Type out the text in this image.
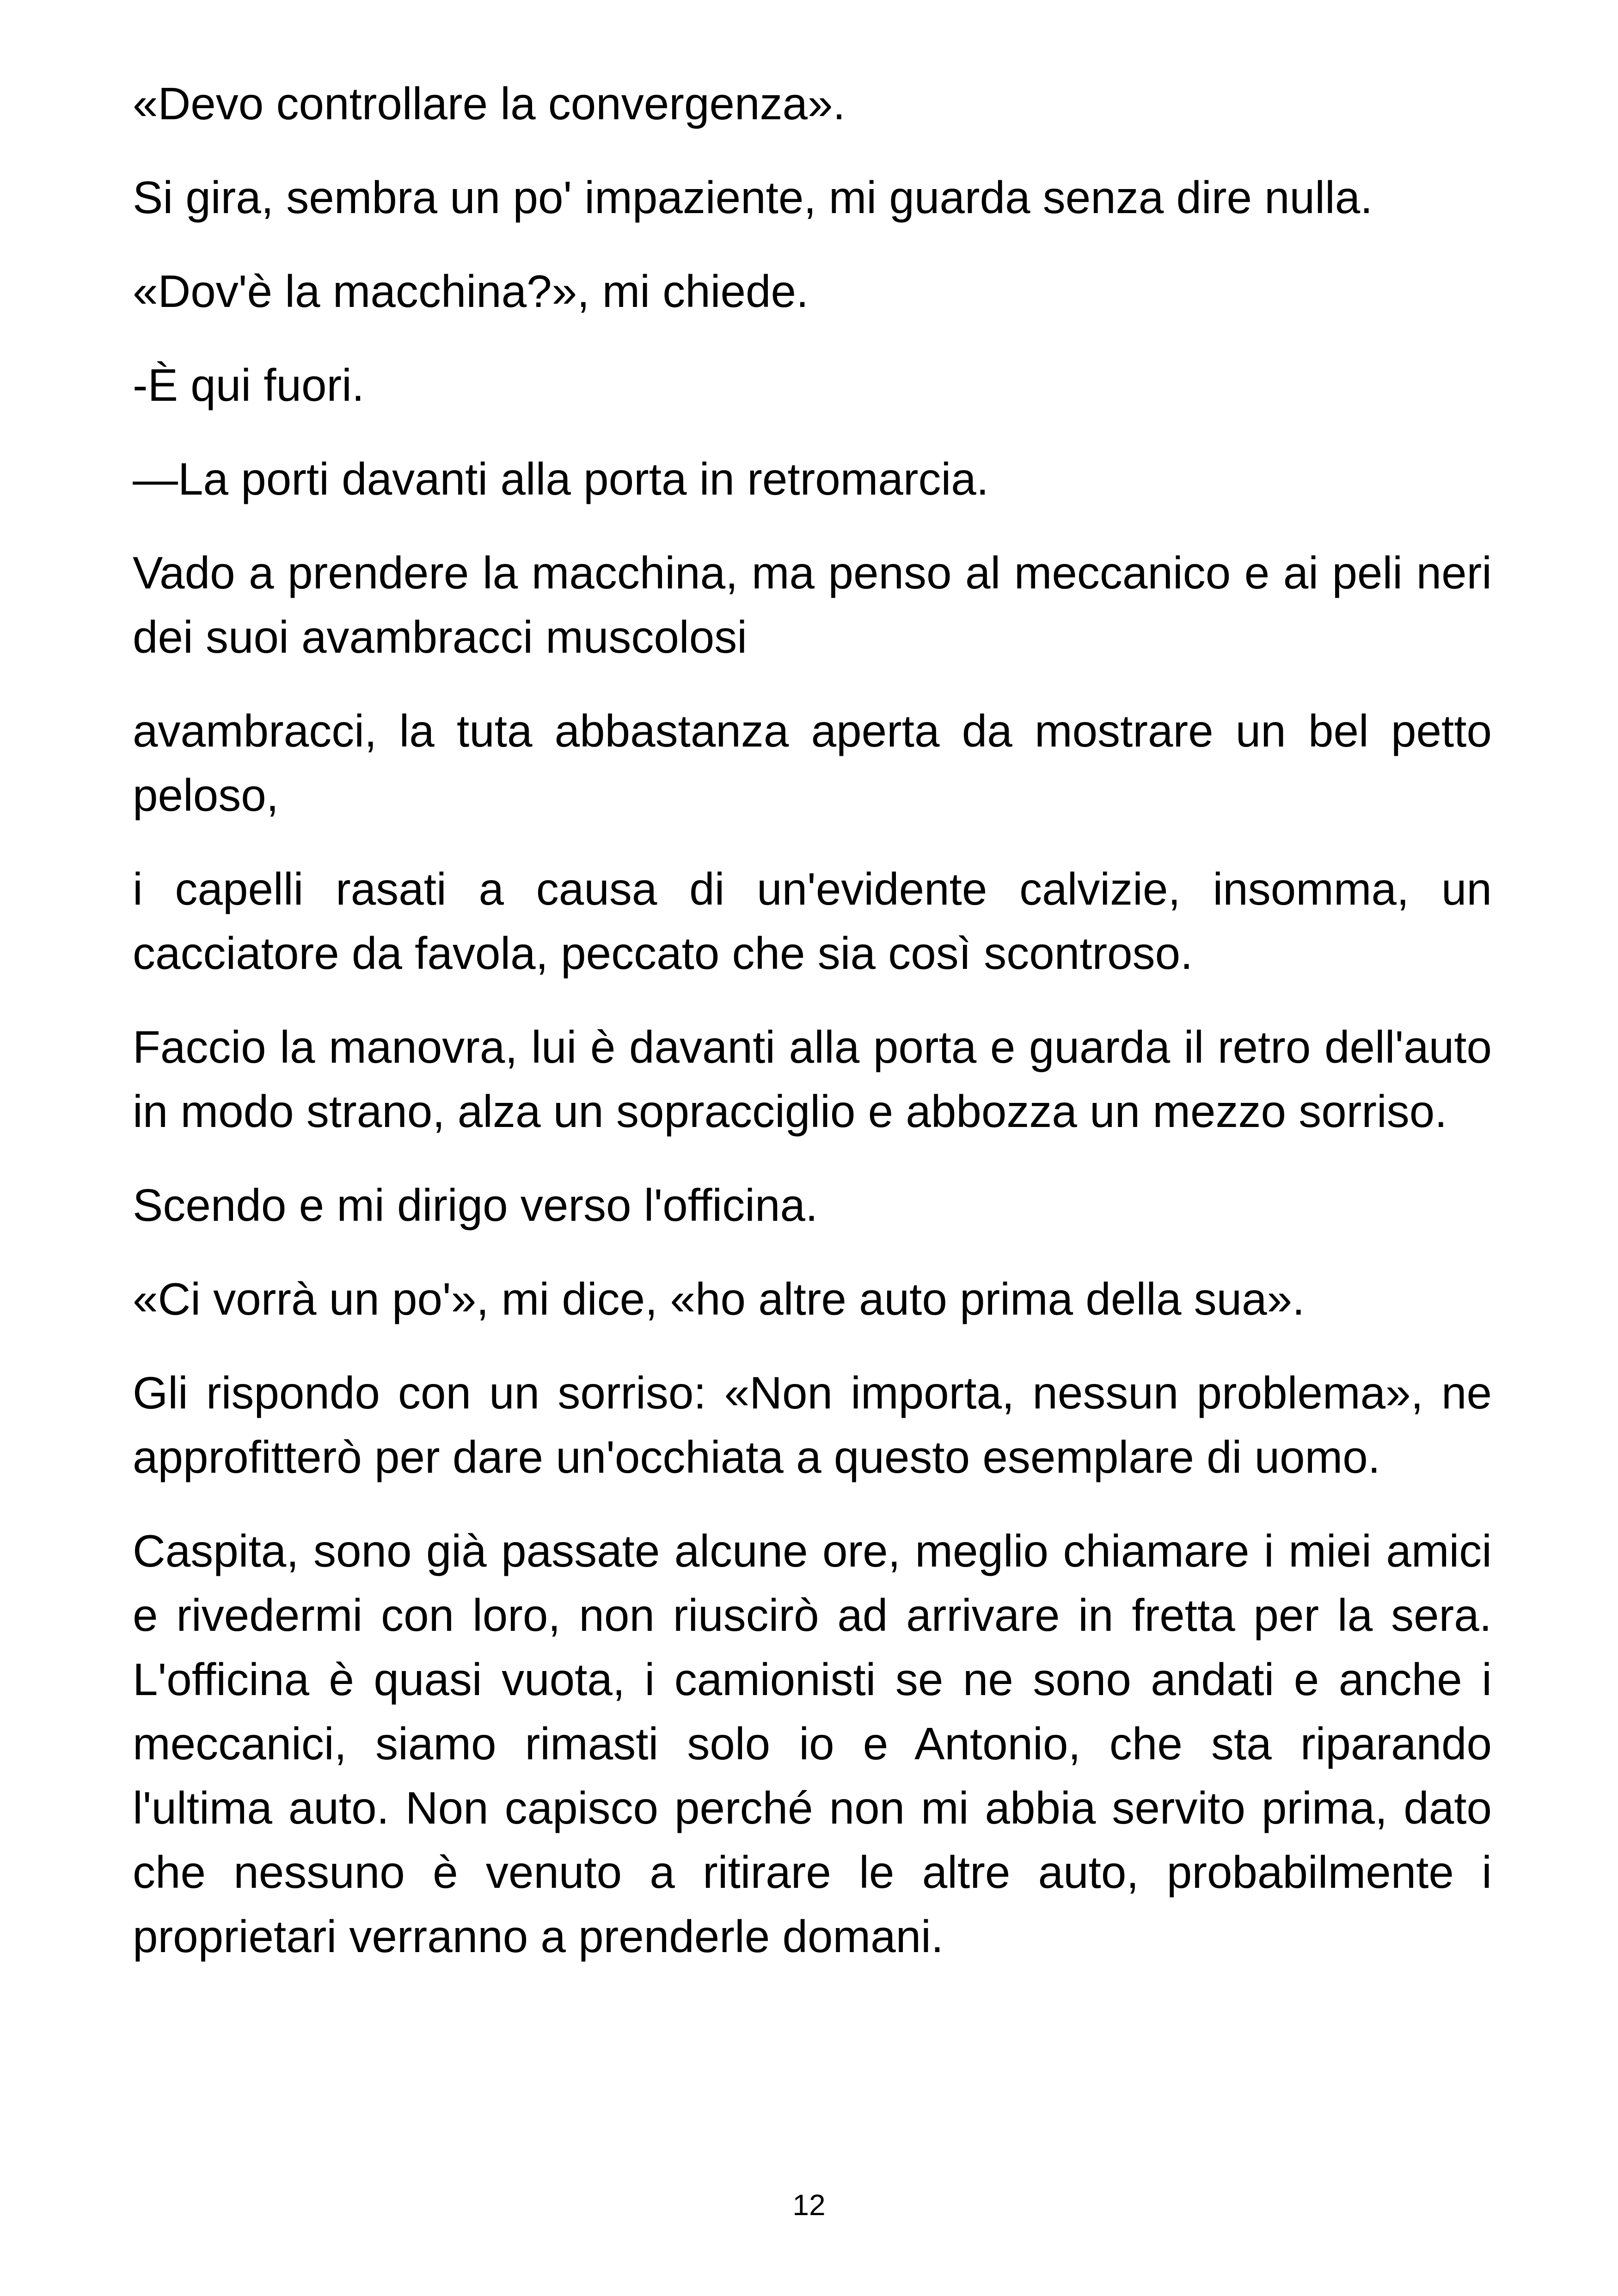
«Devo controllare la convergenza».

Si gira, sembra un po' impaziente, mi guarda senza dire nulla.

«Dov'è la macchina?», mi chiede.

-È qui fuori.

—La porti davanti alla porta in retromarcia.

Vado a prendere la macchina, ma penso al meccanico e ai peli neri dei suoi avambracci muscolosi

avambracci, la tuta abbastanza aperta da mostrare un bel petto peloso,

i capelli rasati a causa di un'evidente calvizie, insomma, un cacciatore da favola, peccato che sia così scontroso.

Faccio la manovra, lui è davanti alla porta e guarda il retro dell'auto in modo strano, alza un sopracciglio e abbozza un mezzo sorriso.

Scendo e mi dirigo verso l'officina.

«Ci vorrà un po'», mi dice, «ho altre auto prima della sua».

Gli rispondo con un sorriso: «Non importa, nessun problema», ne approfitterò per dare un'occhiata a questo esemplare di uomo.

Caspita, sono già passate alcune ore, meglio chiamare i miei amici e rivedermi con loro, non riuscirò ad arrivare in fretta per la sera. L'officina è quasi vuota, i camionisti se ne sono andati e anche i meccanici, siamo rimasti solo io e Antonio, che sta riparando l'ultima auto. Non capisco perché non mi abbia servito prima, dato che nessuno è venuto a ritirare le altre auto, probabilmente i proprietari verranno a prenderle domani.

12
